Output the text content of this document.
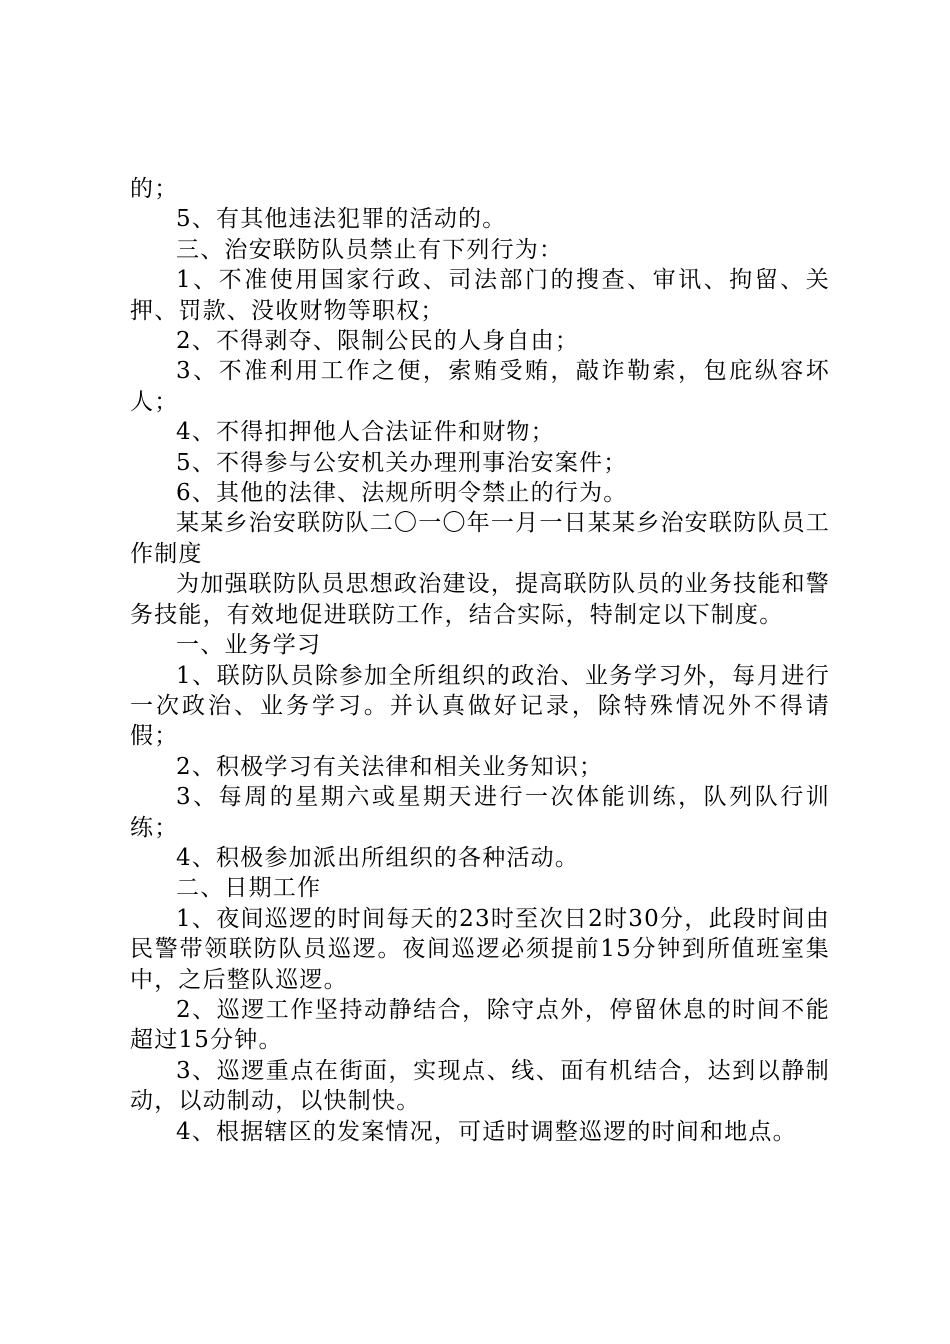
的；

5、有其他违法犯罪的活动的。

三、治安联防队员禁止有下列行为：

1、不准使用国家行政、司法部门的搜查、审讯、拘留、关押、罚款、没收财物等职权；

2、不得剥夺、限制公民的人身自由；

3、不准利用工作之便，索贿受贿，敲诈勒索，包庇纵容坏人；

4、不得扣押他人合法证件和财物；

5、不得参与公安机关办理刑事治安案件；

6、其他的法律、法规所明令禁止的行为。

某某乡治安联防队二〇一〇年一月一日某某乡治安联防队员工作制度

为加强联防队员思想政治建设，提高联防队员的业务技能和警务技能，有效地促进联防工作，结合实际，特制定以下制度。

一、业务学习

1、联防队员除参加全所组织的政治、业务学习外，每月进行一次政治、业务学习。并认真做好记录，除特殊情况外不得请假；

2、积极学习有关法律和相关业务知识；

3、每周的星期六或星期天进行一次体能训练，队列队行训练；

4、积极参加派出所组织的各种活动。

二、日期工作

1、夜间巡逻的时间每天的23时至次日2时30分，此段时间由民警带领联防队员巡逻。夜间巡逻必须提前15分钟到所值班室集中，之后整队巡逻。

2、巡逻工作坚持动静结合，除守点外，停留休息的时间不能超过15分钟。

3、巡逻重点在街面，实现点、线、面有机结合，达到以静制动，以动制动，以快制快。

4、根据辖区的发案情况，可适时调整巡逻的时间和地点。
